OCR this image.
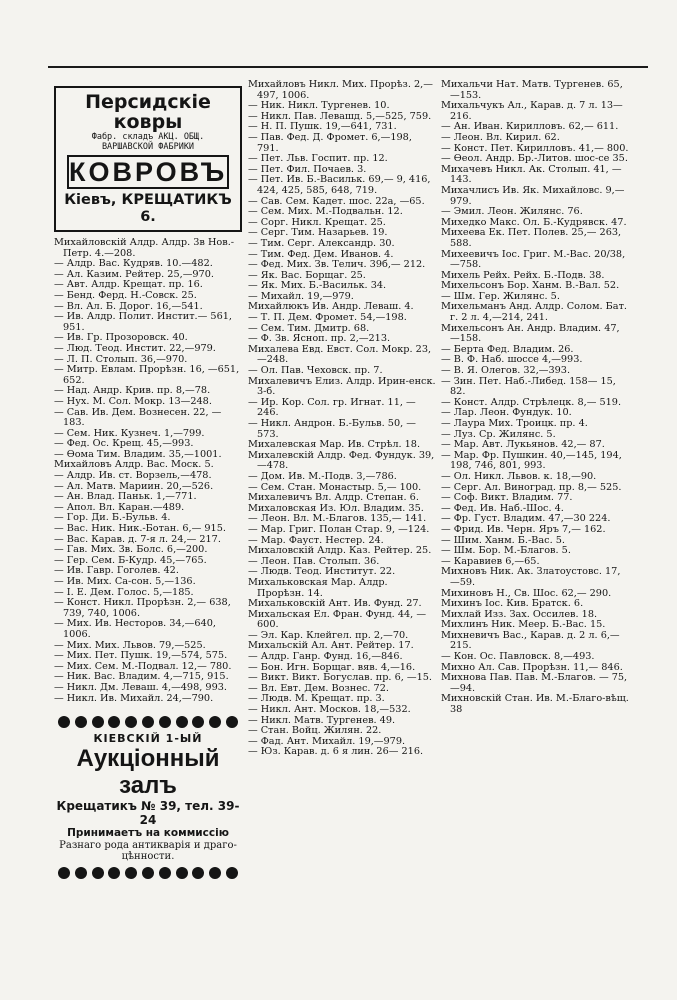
Персидскіе ковры
Фабр. складъ АКЦ. ОБЩ.
ВАРШАВСКОЙ ФАБРИКИ
КОВРОВЪ
Кіевъ, КРЕЩАТИКЪ 6.
Михайловскій Алдр. Алдр. 3в Нов.-Петр. 4.—208.
— Алдр. Вас. Кудряв. 10.—482.
— Ал. Казим. Рейтер. 25,—970.
— Авт. Алдр. Крещат. пр. 16.
— Бенд. Ферд. Н.-Совск. 25.
— Вл. Ал. Б. Дорог. 16,—541.
— Ив. Алдр. Полит. Инстит.— 561, 951.
— Ив. Гр. Прозоровск. 40.
— Люд. Теод. Инстит. 22,—979.
— Л. П. Столып. 36,—970.
— Митр. Евлам. Прорѣзн. 16, —651, 652.
— Над. Андр. Крив. пр. 8,—78.
— Нух. М. Сол. Мокр. 13—248.
— Сав. Ив. Дем. Вознесен. 22, —183.
— Сем. Ник. Кузнеч. 1,—799.
— Фед. Ос. Крещ. 45,—993.
— Өома Тим. Владим. 35,—1001.
Михайловъ Алдр. Вас. Моск. 5.
— Алдр. Ив. ст. Ворзель,—478.
— Ал. Матв. Мариин. 20,—526.
— Ан. Влад. Паньк. 1,—771.
— Апол. Вл. Каран.—489.
— Гор. Ди. Б.-Бульв. 4.
— Вас. Ник. Ник.-Ботан. 6,— 915.
— Вас. Карав. д. 7-я л. 24,— 217.
— Гав. Мих. Зв. Болс. 6,—200.
— Гер. Сем. Б-Кудр. 45,—765.
— Ив. Гавр. Гоголев. 42.
— Ив. Мих. Са-сон. 5,—136.
— І. Е. Дем. Голос. 5,—185.
— Конст. Никл. Прорѣзн. 2,— 638, 739, 740, 1006.
— Мих. Ив. Несторов. 34,—640, 1006.
— Мих. Мих. Львов. 79,—525.
— Мих. Пет. Пушк. 19,—574, 575.
— Мих. Сем. М.-Подвал. 12,— 780.
— Ник. Вас. Владим. 4,—715, 915.
— Никл. Дм. Леваш. 4,—498, 993.
— Никл. Ив. Михайл. 24,—790.
КІЕВСКІЙ 1-ЫЙ
Аукціонный залъ
Крещатикъ № 39, тел. 39-24
Принимаетъ на коммиссію
Разнаго рода антикварія и драго-
цѣнности.
Михайловъ Никл. Мих. Прорѣз. 2,—497, 1006.
— Ник. Никл. Тургенев. 10.
— Никл. Пав. Левашд. 5,—525, 759.
— Н. П. Пушк. 19,—641, 731.
— Пав. Фед. Д. Фромет. 6,—198, 791.
— Пет. Льв. Госпит. пр. 12.
— Пет. Фил. Почаев. 3.
— Пет. Ив. Б.-Васильк. 69,— 9, 416, 424, 425, 585, 648, 719.
— Сав. Сем. Кадет. шос. 22а, —65.
— Сем. Мих. М.-Подвальн. 12.
— Сорг. Никл. Крещат. 25.
— Серг. Тим. Назарьев. 19.
— Тим. Серг. Александр. 30.
— Тим. Фед. Дем. Иванов. 4.
— Фед. Мих. Зв. Телич. 39б,— 212.
— Як. Вас. Борщаг. 25.
— Як. Мих. Б.-Васильк. 34.
— Михайл. 19,—979.
Михайлюкъ Ив. Андр. Леваш. 4.
— Т. П. Дем. Фромет. 54,—198.
— Сем. Тим. Дмитр. 68.
— Ф. Зв. Ясноп. пр. 2,—213.
Михалева Евд. Евст. Сол. Мокр. 23,—248.
— Ол. Пав. Чеховск. пр. 7.
Михалевичъ Елиз. Алдр. Ирин-енск. 3-б.
— Ир. Кор. Сол. гр. Игнат. 11, —246.
— Никл. Андрон. Б.-Бульв. 50, —573.
Михалевская Мар. Ив. Стрѣл. 18.
Михалевскій Алдр. Фед. Фундук. 39,—478.
— Дом. Ив. М.-Подв. 3,—786.
— Сем. Стан. Монастыр. 5,— 100.
Михалевичъ Вл. Алдр. Степан. 6.
Михаловская Из. Юл. Владим. 35.
— Леон. Вл. М.-Благов. 135,— 141.
— Мар. Григ. Полан Стар. 9, —124.
— Мар. Фауст. Нестер. 24.
Михаловскій Алдр. Каз. Рейтер. 25.
— Леон. Пав. Столып. 36.
— Людв. Теод. Институт. 22.
Михальковская Мар. Алдр. Прорѣзн. 14.
Михальковскій Ант. Ив. Фунд. 27.
Михальская Ел. Фран. Фунд. 44, —600.
— Эл. Кар. Клейгел. пр. 2,—70.
Михальскій Ал. Ант. Рейтер. 17.
— Алдр. Ганр. Фунд. 16,—846.
— Бон. Игн. Борщаг. вяв. 4,—16.
— Викт. Викт. Богуслав. пр. 6, —15.
— Вл. Евт. Дем. Вознес. 72.
— Людв. М. Крещат. пр. 3.
— Никл. Ант. Москов. 18,—532.
— Никл. Матв. Тургенев. 49.
— Стан. Войц. Жилян. 22.
— Фад. Ант. Михайл. 19,—979.
— Юз. Карав. д. 6 я лин. 26— 216.
Михальчи Нат. Матв. Тургенев. 65,—153.
Михальчукъ Ал., Карав. д. 7 л. 13—216.
— Ан. Иван. Кирилловъ. 62,— 611.
— Леон. Вл. Кирил. 62.
— Конст. Пет. Кирилловъ. 41,— 800.
— Өеол. Андр. Бр.-Литов. шос-се 35.
Михачевъ Никл. Ак. Столып. 41, —143.
Михачлисъ Ив. Як. Михайловс. 9,—979.
— Эмил. Леон. Жилянс. 76.
Михедко Макс. Ол. Б.-Кудрявск. 47.
Михеева Ек. Пет. Полев. 25,— 263, 588.
Михеевичъ Іос. Григ. М.-Вас. 20/38,—758.
Михель Рейх. Рейх. Б.-Подв. 38.
Михельсонъ Бор. Ханм. В.-Вал. 52.
— Шм. Гер. Жилянс. 5.
Михельманъ Анд. Алдр. Солом. Бат. г. 2 л. 4,—214, 241.
Михельсонъ Ан. Андр. Владим. 47,—158.
— Берта Фед. Владим. 26.
— В. Ф. Наб. шоссе 4,—993.
— В. Я. Олегов. 32,—393.
— Зин. Пет. Наб.-Либед. 158— 15, 82.
— Конст. Алдр. Стрѣлецк. 8,— 519.
— Лар. Леон. Фундук. 10.
— Лаура Мих. Троицк. пр. 4.
— Луз. Ср. Жилянс. 5.
— Мар. Авт. Лукьянов. 42,— 87.
— Мар. Фр. Пушкин. 40,—145, 194, 198, 746, 801, 993.
— Ол. Никл. Львов. к. 18,—90.
— Серг. Ал. Виноград. пр. 8,— 525.
— Соф. Викт. Владим. 77.
— Фед. Ив. Наб.-Шос. 4.
— Фр. Густ. Владим. 47,—30 224.
— Фрид. Ив. Черн. Яръ 7,— 162.
— Шим. Ханм. Б.-Вас. 5.
— Шм. Бор. М.-Благов. 5.
— Каравиев 6,—65.
Михновъ Ник. Ак. Златоустовс. 17,—59.
Михиновъ Н., Св. Шос. 62,— 290.
Михинъ Іос. Кив. Братск. 6.
Михлай Изз. Зах. Оссилев. 18.
Михлинъ Ник. Меер. Б.-Вас. 15.
Михневичъ Вас., Карав. д. 2 л. 6,—215.
— Кон. Ос. Павловск. 8,—493.
Михно Ал. Сав. Прорѣзн. 11,— 846.
Михнова Пав. Пав. М.-Благов. — 75,—94.
Михновскій Стан. Ив. М.-Благо-вѣщ. 38
